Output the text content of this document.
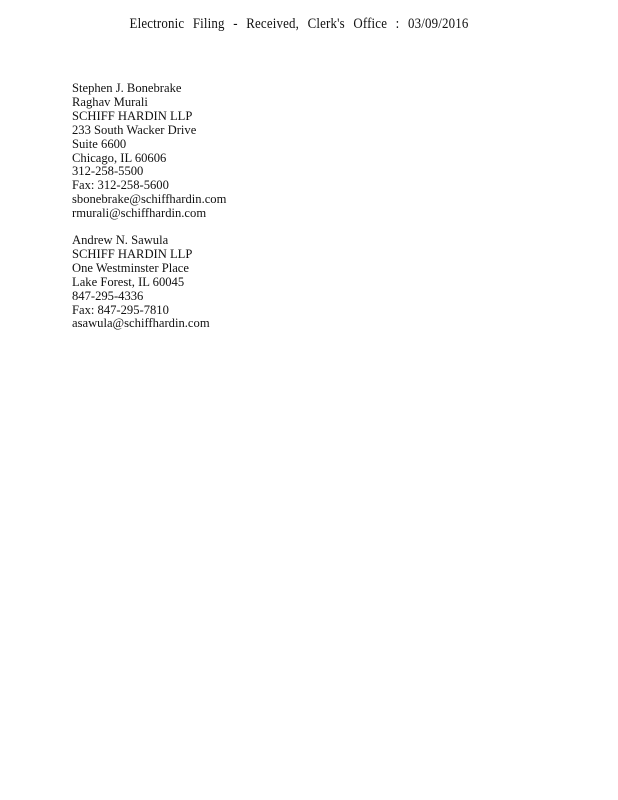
Electronic Filing - Received, Clerk's Office : 03/09/2016
Stephen J. Bonebrake
Raghav Murali
SCHIFF HARDIN LLP
233 South Wacker Drive
Suite 6600
Chicago, IL 60606
312-258-5500
Fax: 312-258-5600
sbonebrake@schiffhardin.com
rmurali@schiffhardin.com
Andrew N. Sawula
SCHIFF HARDIN LLP
One Westminster Place
Lake Forest, IL 60045
847-295-4336
Fax: 847-295-7810
asawula@schiffhardin.com
